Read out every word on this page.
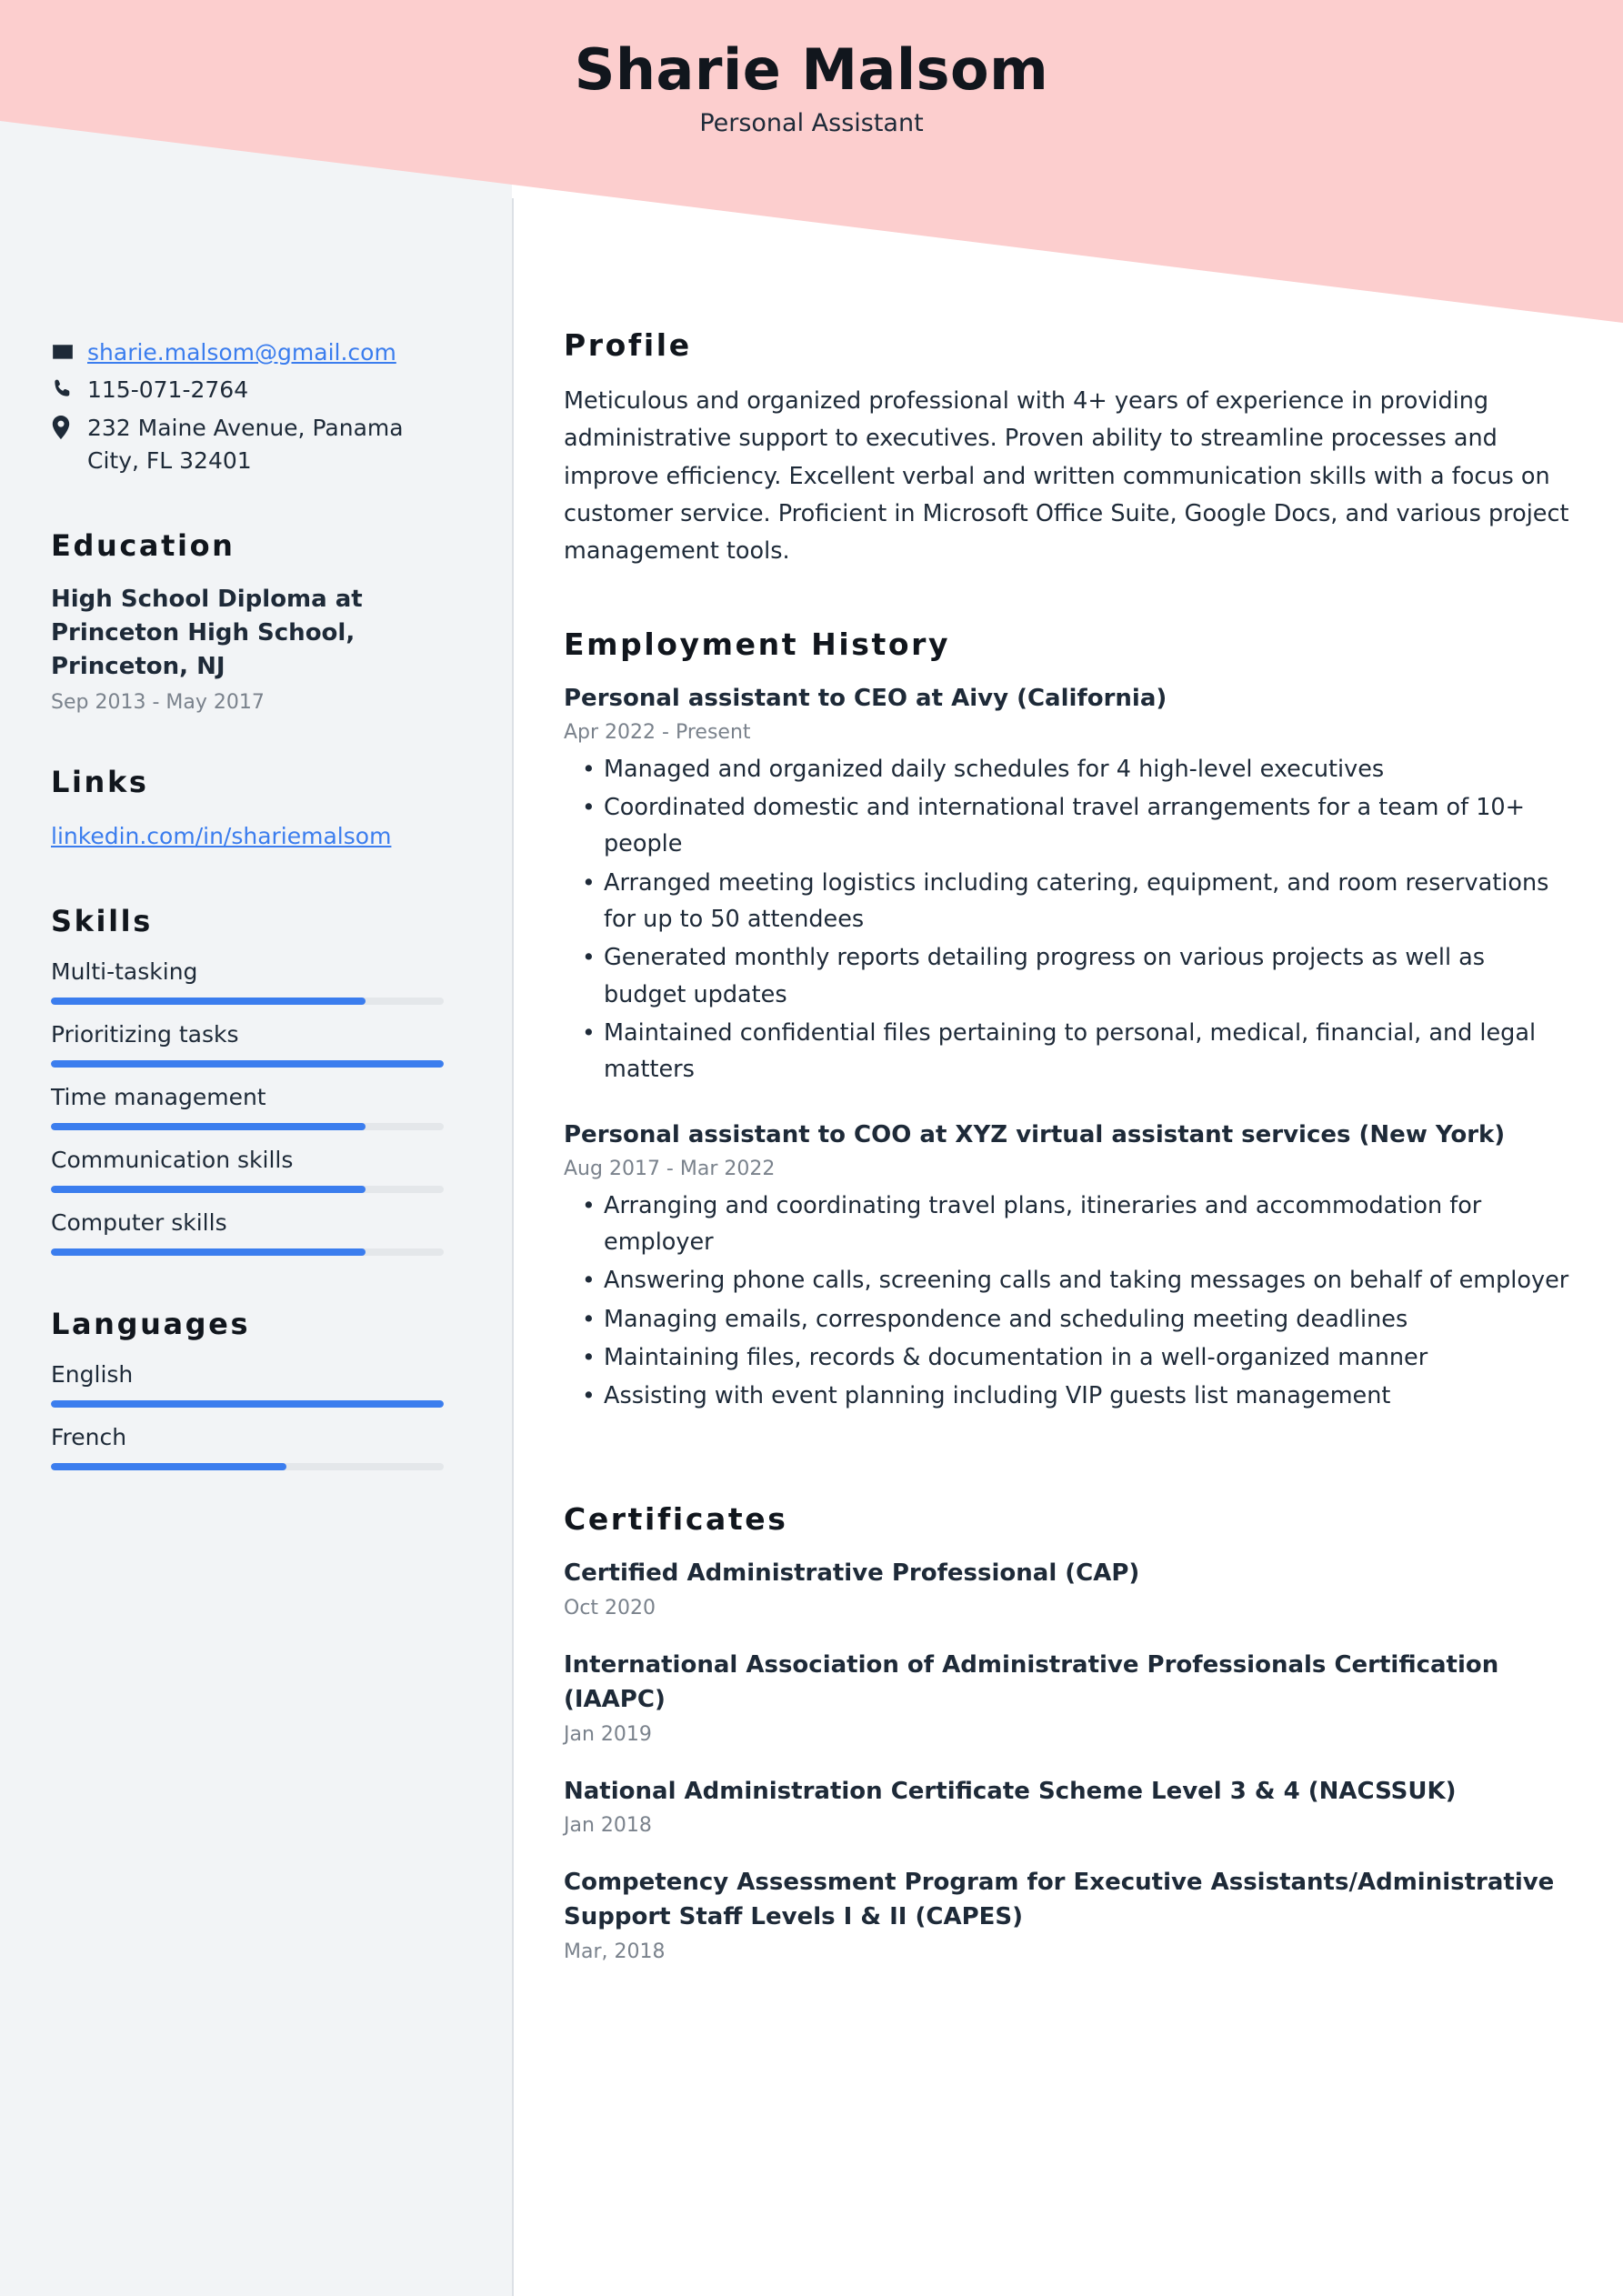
Sharie Malsom
Personal Assistant
sharie.malsom@gmail.com
115-071-2764
232 Maine Avenue, Panama City, FL 32401
Education
High School Diploma at Princeton High School, Princeton, NJ
Sep 2013 - May 2017
Links
linkedin.com/in/shariemalsom
Skills
Multi-tasking
Prioritizing tasks
Time management
Communication skills
Computer skills
Languages
English
French
Profile
Meticulous and organized professional with 4+ years of experience in providing administrative support to executives. Proven ability to streamline processes and improve efficiency. Excellent verbal and written communication skills with a focus on customer service. Proficient in Microsoft Office Suite, Google Docs, and various project management tools.
Employment History
Personal assistant to CEO at Aivy (California)
Apr 2022 - Present
• Managed and organized daily schedules for 4 high-level executives
• Coordinated domestic and international travel arrangements for a team of 10+ people
• Arranged meeting logistics including catering, equipment, and room reservations for up to 50 attendees
• Generated monthly reports detailing progress on various projects as well as budget updates
• Maintained confidential files pertaining to personal, medical, financial, and legal matters
Personal assistant to COO at XYZ virtual assistant services (New York)
Aug 2017 - Mar 2022
• Arranging and coordinating travel plans, itineraries and accommodation for employer
• Answering phone calls, screening calls and taking messages on behalf of employer
• Managing emails, correspondence and scheduling meeting deadlines
• Maintaining files, records & documentation in a well-organized manner
• Assisting with event planning including VIP guests list management
Certificates
Certified Administrative Professional (CAP)
Oct 2020
International Association of Administrative Professionals Certification (IAAPC)
Jan 2019
National Administration Certificate Scheme Level 3 & 4 (NACSSUK)
Jan 2018
Competency Assessment Program for Executive Assistants/Administrative Support Staff Levels I & II (CAPES)
Mar, 2018
